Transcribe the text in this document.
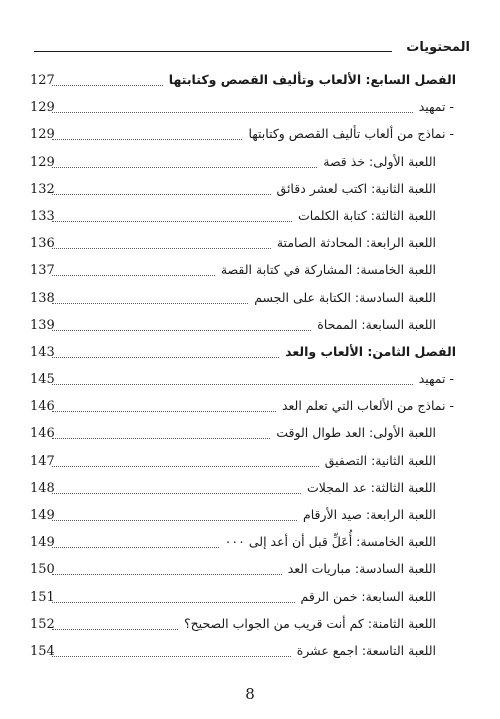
المحتويات
127	الفصل السابع: الألعاب وتأليف القصص وكتابتها
129	- تمهيد
129	- نماذج من ألعاب تأليف القصص وكتابتها
129	اللعبة الأولى: خذ قصة
132	اللعبة الثانية: اكتب لعشر دقائق
133	اللعبة الثالثة: كتابة الكلمات
136	اللعبة الرابعة: المحادثة الصامتة
137	اللعبة الخامسة: المشاركة في كتابة القصة
138	اللعبة السادسة: الكتابة على الجسم
139	اللعبة السابعة: الممحاة
143	الفصل الثامن: الألعاب والعد
145	- تمهيد
146	- نماذج من الألعاب التي تعلم العد
146	اللعبة الأولى: العد طوال الوقت
147	اللعبة الثانية: التصفيق
148	اللعبة الثالثة: عد المجلات
149	اللعبة الرابعة: صيد الأرقام
149	اللعبة الخامسة: أُعَلِّ قبل أن أعد إلى ٠٠٠
150	اللعبة السادسة: مباريات العد
151	اللعبة السابعة: خمن الرقم
152	اللعبة الثامنة: كم أنت قريب من الجواب الصحيح؟
154	اللعبة التاسعة: اجمع عشرة
8
